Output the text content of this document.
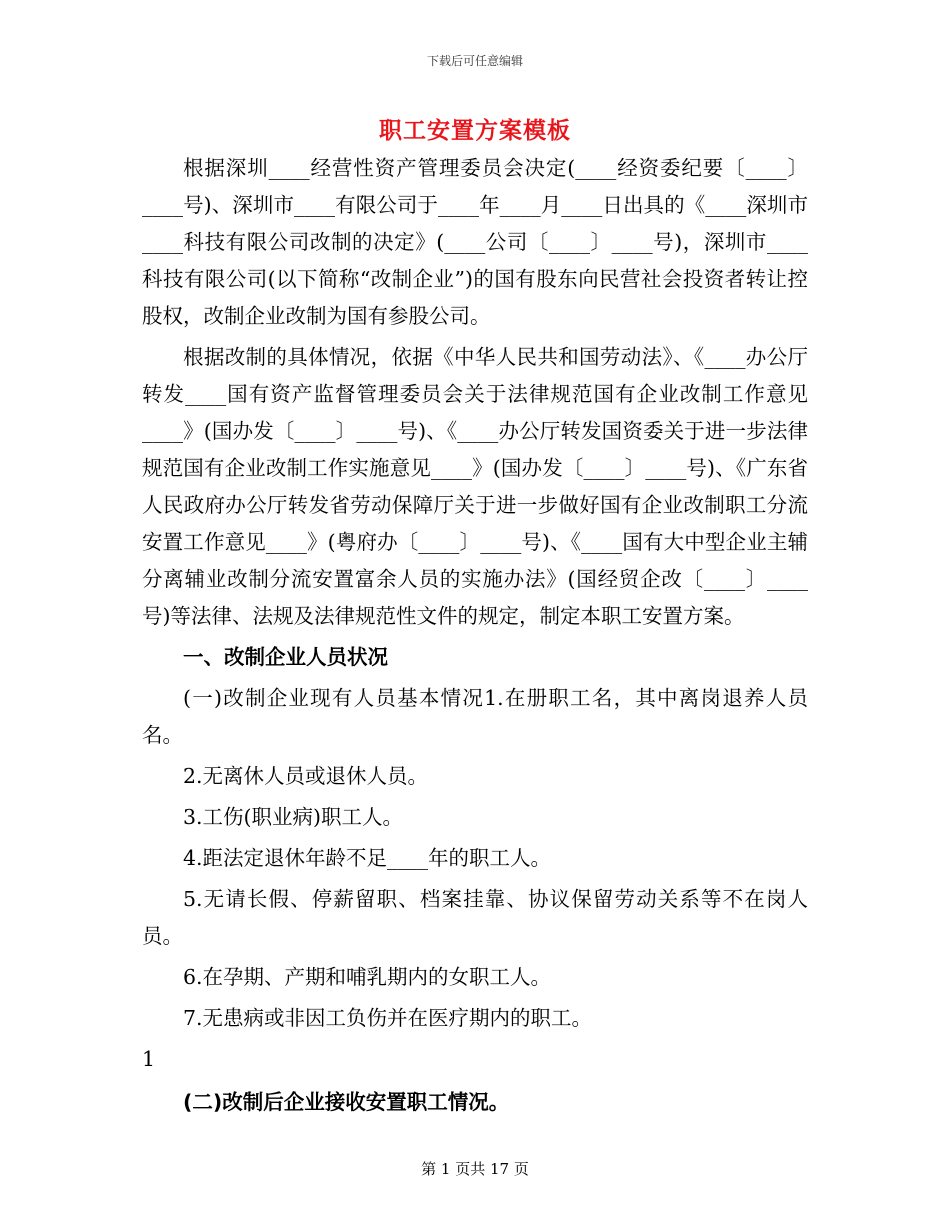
下载后可任意编辑
职工安置方案模板

根据深圳____经营性资产管理委员会决定(____经资委纪要〔____〕____号)、深圳市____有限公司于____年____月____日出具的《____深圳市____科技有限公司改制的决定》(____公司〔____〕____号)，深圳市____科技有限公司(以下简称“改制企业”)的国有股东向民营社会投资者转让控股权，改制企业改制为国有参股公司。

根据改制的具体情况，依据《中华人民共和国劳动法》、《____办公厅转发____国有资产监督管理委员会关于法律规范国有企业改制工作意见____》(国办发〔____〕____号)、《____办公厅转发国资委关于进一步法律规范国有企业改制工作实施意见____》(国办发〔____〕____号)、《广东省人民政府办公厅转发省劳动保障厅关于进一步做好国有企业改制职工分流安置工作意见____》(粤府办〔____〕____号)、《____国有大中型企业主辅分离辅业改制分流安置富余人员的实施办法》(国经贸企改〔____〕____号)等法律、法规及法律规范性文件的规定，制定本职工安置方案。

一、改制企业人员状况

(一)改制企业现有人员基本情况1.在册职工名，其中离岗退养人员名。

2.无离休人员或退休人员。

3.工伤(职业病)职工人。

4.距法定退休年龄不足____年的职工人。

5.无请长假、停薪留职、档案挂靠、协议保留劳动关系等不在岗人员。

6.在孕期、产期和哺乳期内的女职工人。

7.无患病或非因工负伤并在医疗期内的职工。

1

(二)改制后企业接收安置职工情况。

第 1 页共 17 页
